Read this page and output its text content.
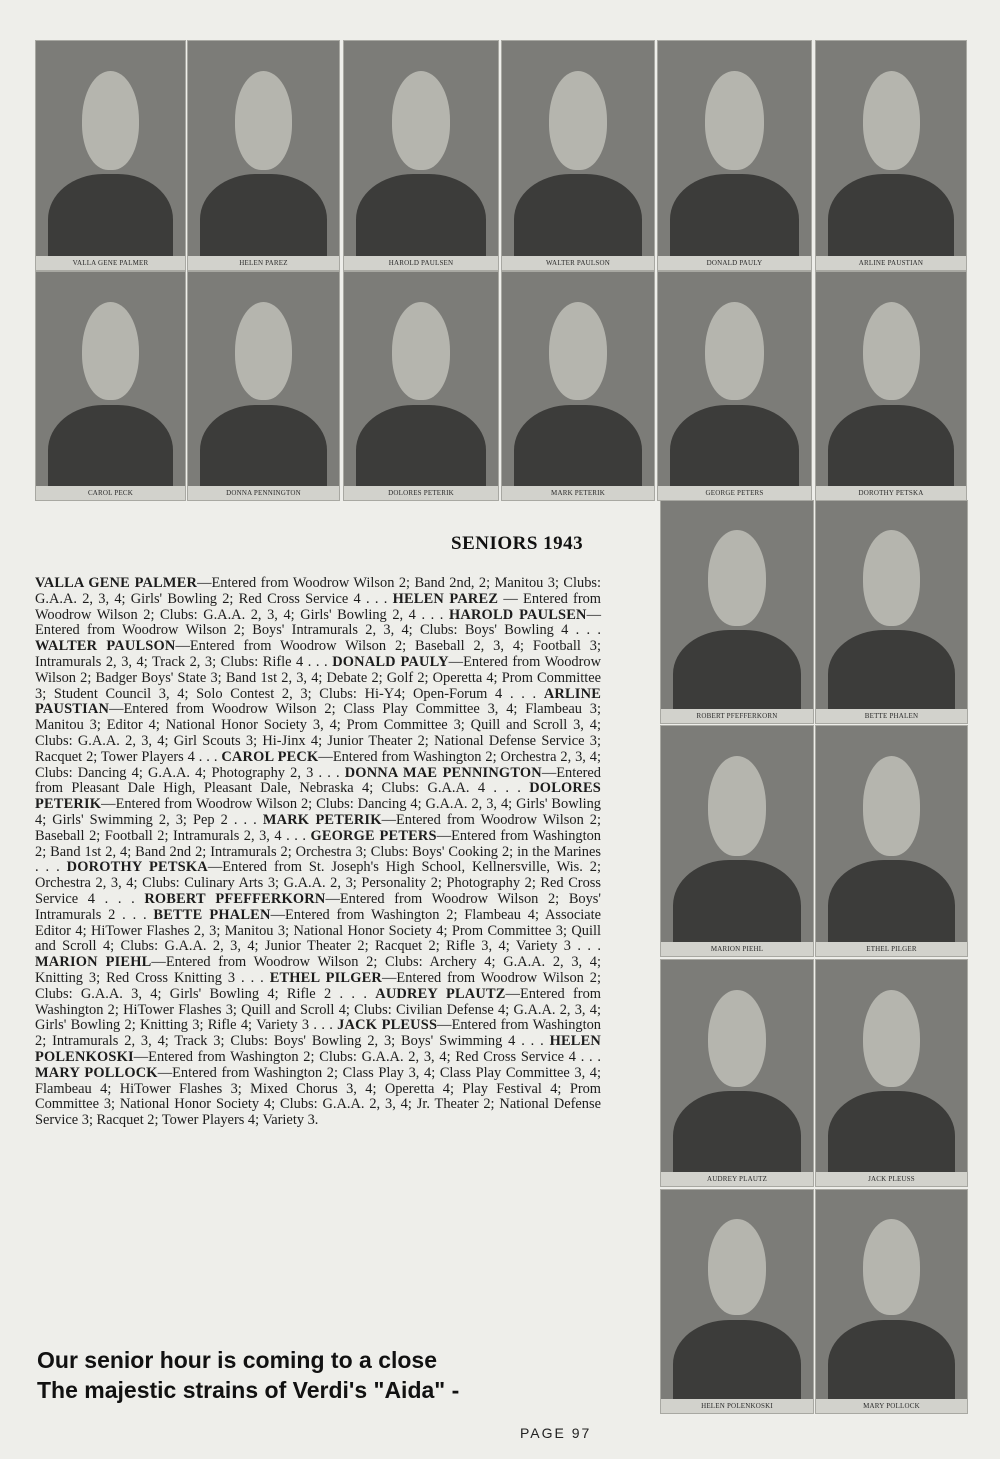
VALLA GENE PALMER	HELEN PAREZ	HAROLD PAULSEN	WALTER PAULSON	DONALD PAULY	ARLINE PAUSTIAN
CAROL PECK	DONNA PENNINGTON	DOLORES PETERIK	MARK PETERIK	GEORGE PETERS	DOROTHY PETSKA
ROBERT PFEFFERKORN	BETTE PHALEN
MARION PIEHL	ETHEL PILGER
AUDREY PLAUTZ	JACK PLEUSS
HELEN POLENKOSKI	MARY POLLOCK
SENIORS 1943
VALLA GENE PALMER—Entered from Woodrow Wilson 2; Band 2nd, 2; Manitou 3; Clubs: G.A.A. 2, 3, 4; Girls' Bowling 2; Red Cross Service 4 . . . HELEN PAREZ — Entered from Woodrow Wilson 2; Clubs: G.A.A. 2, 3, 4; Girls' Bowling 2, 4 . . . HAROLD PAULSEN—Entered from Woodrow Wilson 2; Boys' Intramurals 2, 3, 4; Clubs: Boys' Bowling 4 . . . WALTER PAULSON—Entered from Woodrow Wilson 2; Baseball 2, 3, 4; Football 3; Intramurals 2, 3, 4; Track 2, 3; Clubs: Rifle 4 . . . DONALD PAULY—Entered from Woodrow Wilson 2; Badger Boys' State 3; Band 1st 2, 3, 4; Debate 2; Golf 2; Operetta 4; Prom Committee 3; Student Council 3, 4; Solo Contest 2, 3; Clubs: Hi-Y4; Open-Forum 4 . . . ARLINE PAUSTIAN—Entered from Woodrow Wilson 2; Class Play Committee 3, 4; Flambeau 3; Manitou 3; Editor 4; National Honor Society 3, 4; Prom Committee 3; Quill and Scroll 3, 4; Clubs: G.A.A. 2, 3, 4; Girl Scouts 3; Hi-Jinx 4; Junior Theater 2; National Defense Service 3; Racquet 2; Tower Players 4 . . . CAROL PECK—Entered from Washington 2; Orchestra 2, 3, 4; Clubs: Dancing 4; G.A.A. 4; Photography 2, 3 . . . DONNA MAE PENNINGTON—Entered from Pleasant Dale High, Pleasant Dale, Nebraska 4; Clubs: G.A.A. 4 . . . DOLORES PETERIK—Entered from Woodrow Wilson 2; Clubs: Dancing 4; G.A.A. 2, 3, 4; Girls' Bowling 4; Girls' Swimming 2, 3; Pep 2 . . . MARK PETERIK—Entered from Woodrow Wilson 2; Baseball 2; Football 2; Intramurals 2, 3, 4 . . . GEORGE PETERS—Entered from Washington 2; Band 1st 2, 4; Band 2nd 2; Intramurals 2; Orchestra 3; Clubs: Boys' Cooking 2; in the Marines . . . DOROTHY PETSKA—Entered from St. Joseph's High School, Kellnersville, Wis. 2; Orchestra 2, 3, 4; Clubs: Culinary Arts 3; G.A.A. 2, 3; Personality 2; Photography 2; Red Cross Service 4 . . . ROBERT PFEFFERKORN—Entered from Woodrow Wilson 2; Boys' Intramurals 2 . . . BETTE PHALEN—Entered from Washington 2; Flambeau 4; Associate Editor 4; HiTower Flashes 2, 3; Manitou 3; National Honor Society 4; Prom Committee 3; Quill and Scroll 4; Clubs: G.A.A. 2, 3, 4; Junior Theater 2; Racquet 2; Rifle 3, 4; Variety 3 . . . MARION PIEHL—Entered from Woodrow Wilson 2; Clubs: Archery 4; G.A.A. 2, 3, 4; Knitting 3; Red Cross Knitting 3 . . . ETHEL PILGER—Entered from Woodrow Wilson 2; Clubs: G.A.A. 3, 4; Girls' Bowling 4; Rifle 2 . . . AUDREY PLAUTZ—Entered from Washington 2; HiTower Flashes 3; Quill and Scroll 4; Clubs: Civilian Defense 4; G.A.A. 2, 3, 4; Girls' Bowling 2; Knitting 3; Rifle 4; Variety 3 . . . JACK PLEUSS—Entered from Washington 2; Intramurals 2, 3, 4; Track 3; Clubs: Boys' Bowling 2, 3; Boys' Swimming 4 . . . HELEN POLENKOSKI—Entered from Washington 2; Clubs: G.A.A. 2, 3, 4; Red Cross Service 4 . . . MARY POLLOCK—Entered from Washington 2; Class Play 3, 4; Class Play Committee 3, 4; Flambeau 4; HiTower Flashes 3; Mixed Chorus 3, 4; Operetta 4; Play Festival 4; Prom Committee 3; National Honor Society 4; Clubs: G.A.A. 2, 3, 4; Jr. Theater 2; National Defense Service 3; Racquet 2; Tower Players 4; Variety 3.
Our senior hour is coming to a close
The majestic strains of Verdi's "Aida" -
PAGE 97
